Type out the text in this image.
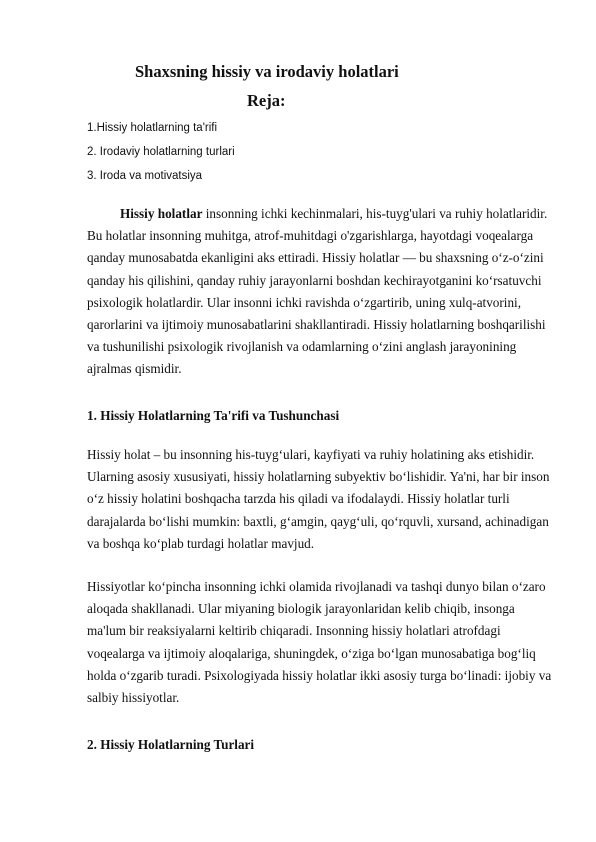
Shaxsning hissiy va irodaviy holatlari
Reja:
1.Hissiy holatlarning ta'rifi
2. Irodaviy holatlarning turlari
3. Iroda va motivatsiya

Hissiy holatlar insonning ichki kechinmalari, his-tuyg'ulari va ruhiy holatlaridir. Bu holatlar insonning muhitga, atrof-muhitdagi o'zgarishlarga, hayotdagi voqealarga qanday munosabatda ekanligini aks ettiradi. Hissiy holatlar — bu shaxsning o‘z-o‘zini qanday his qilishini, qanday ruhiy jarayonlarni boshdan kechirayotganini ko‘rsatuvchi psixologik holatlardir. Ular insonni ichki ravishda o‘zgartirib, uning xulq-atvorini, qarorlarini va ijtimoiy munosabatlarini shakllantiradi. Hissiy holatlarning boshqarilishi va tushunilishi psixologik rivojlanish va odamlarning o‘zini anglash jarayonining ajralmas qismidir.

1. Hissiy Holatlarning Ta'rifi va Tushunchasi

Hissiy holat – bu insonning his-tuyg‘ulari, kayfiyati va ruhiy holatining aks etishidir. Ularning asosiy xususiyati, hissiy holatlarning subyektiv bo‘lishidir. Ya'ni, har bir inson o‘z hissiy holatini boshqacha tarzda his qiladi va ifodalaydi. Hissiy holatlar turli darajalarda bo‘lishi mumkin: baxtli, g‘amgin, qayg‘uli, qo‘rquvli, xursand, achinadigan va boshqa ko‘plab turdagi holatlar mavjud.

Hissiyotlar ko‘pincha insonning ichki olamida rivojlanadi va tashqi dunyo bilan o‘zaro aloqada shakllanadi. Ular miyaning biologik jarayonlaridan kelib chiqib, insonga ma'lum bir reaksiyalarni keltirib chiqaradi. Insonning hissiy holatlari atrofdagi voqealarga va ijtimoiy aloqalariga, shuningdek, o‘ziga bo‘lgan munosabatiga bog‘liq holda o‘zgarib turadi. Psixologiyada hissiy holatlar ikki asosiy turga bo‘linadi: ijobiy va salbiy hissiyotlar.

2. Hissiy Holatlarning Turlari
